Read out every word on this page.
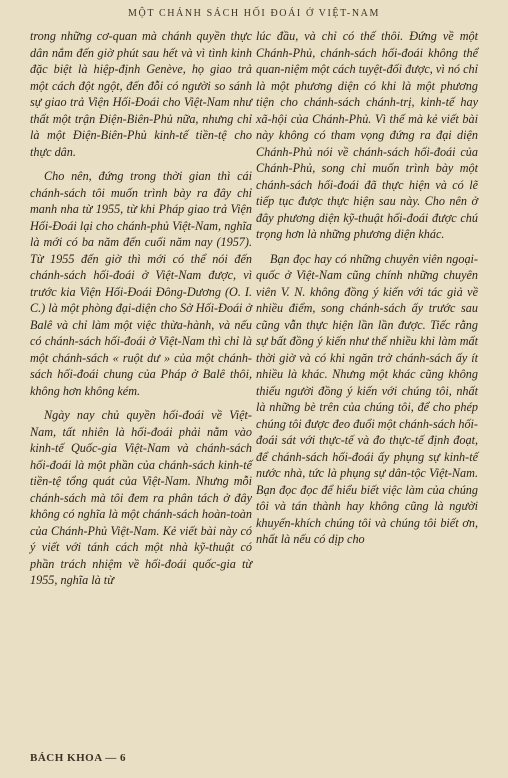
MỘT CHÁNH SÁCH HỐI ĐOÁI Ở VIỆT-NAM

trong những cơ-quan mà chánh quyền thực dân nắm đến giờ phút sau hết và vì tình kinh đặc biệt là hiệp-định Genève, họ giao trả một cách đột ngột, đến đỗi có người so sánh sự giao trả Viện Hối-Đoái cho Việt-Nam như thất một trận Điện-Biên-Phủ nữa, nhưng chỉ là một Điện-Biên-Phủ kinh-tế tiền-tệ cho thực dân.

Cho nên, đứng trong thời gian thì cái chánh-sách tôi muốn trình bày ra đây chỉ manh nha từ 1955, từ khi Pháp giao trả Viện Hối-Đoái lại cho chánh-phủ Việt-Nam, nghĩa là mới có ba năm đến cuối năm nay (1957). Từ 1955 đến giờ thì mới có thể nói đến chánh-sách hối-đoái ở Việt-Nam được, vì trước kia Viện Hối-Đoái Đông-Dương (O. I. C.) là một phòng đại-diện cho Sở Hối-Đoái ở Balê và chỉ làm một việc thừa-hành, và nếu có chánh-sách hối-đoái ở Việt-Nam thì chỉ là một chánh-sách « ruột dư » của một chánh-sách hối-đoái chung của Pháp ở Balê thôi, không hơn không kém.

Ngày nay chủ quyền hối-đoái về Việt-Nam, tất nhiên là hối-đoái phải nằm vào kinh-tế Quốc-gia Việt-Nam và chánh-sách hối-đoái là một phần của chánh-sách kinh-tế tiền-tệ tổng quát của Việt-Nam. Nhưng mỗi chánh-sách mà tôi đem ra phân tách ở đây không có nghĩa là một chánh-sách hoàn-toàn của Chánh-Phủ Việt-Nam. Kẻ viết bài này có ý viết với tánh cách một nhà kỹ-thuật có phần trách nhiệm về hối-đoái quốc-gia từ 1955, nghĩa là từ

lúc đầu, và chỉ có thế thôi. Đứng về một Chánh-Phủ, chánh-sách hối-đoái không thể quan-niệm một cách tuyệt-đối được, vì nó chỉ là một phương diện có khi là một phương tiện cho chánh-sách chánh-trị, kinh-tế hay xã-hội của Chánh-Phủ. Vì thế mà kẻ viết bài này không có tham vọng đứng ra đại diện Chánh-Phủ nói về chánh-sách hối-đoái của Chánh-Phủ, song chỉ muốn trình bày một chánh-sách hối-đoái đã thực hiện và có lẽ tiếp tục được thực hiện sau này. Cho nên ở đây phương diện kỹ-thuật hối-đoái được chú trọng hơn là những phương diện khác.

Bạn đọc hay có những chuyên viên ngoại-quốc ở Việt-Nam cũng chính những chuyên viên V. N. không đồng ý kiến với tác giả về nhiều điểm, song chánh-sách ấy trước sau cũng vẫn thực hiện lần lần được. Tiếc rằng sự bất đồng ý kiến như thế nhiều khi làm mất thời giờ và có khi ngăn trở chánh-sách ấy ít nhiều là khác. Nhưng một khác cũng không thiếu người đồng ý kiến với chúng tôi, nhất là những bè trên của chúng tôi, để cho phép chúng tôi được đeo đuổi một chánh-sách hối-đoái sát với thực-tế và đo thực-tế định đoạt, để chánh-sách hối-đoái ấy phụng sự kinh-tế nước nhà, tức là phụng sự dân-tộc Việt-Nam. Bạn đọc đọc để hiểu biết việc làm của chúng tôi và tán thành hay không cũng là người khuyến-khích chúng tôi và chúng tôi biết ơn, nhất là nếu có dịp cho

BÁCH KHOA — 6
